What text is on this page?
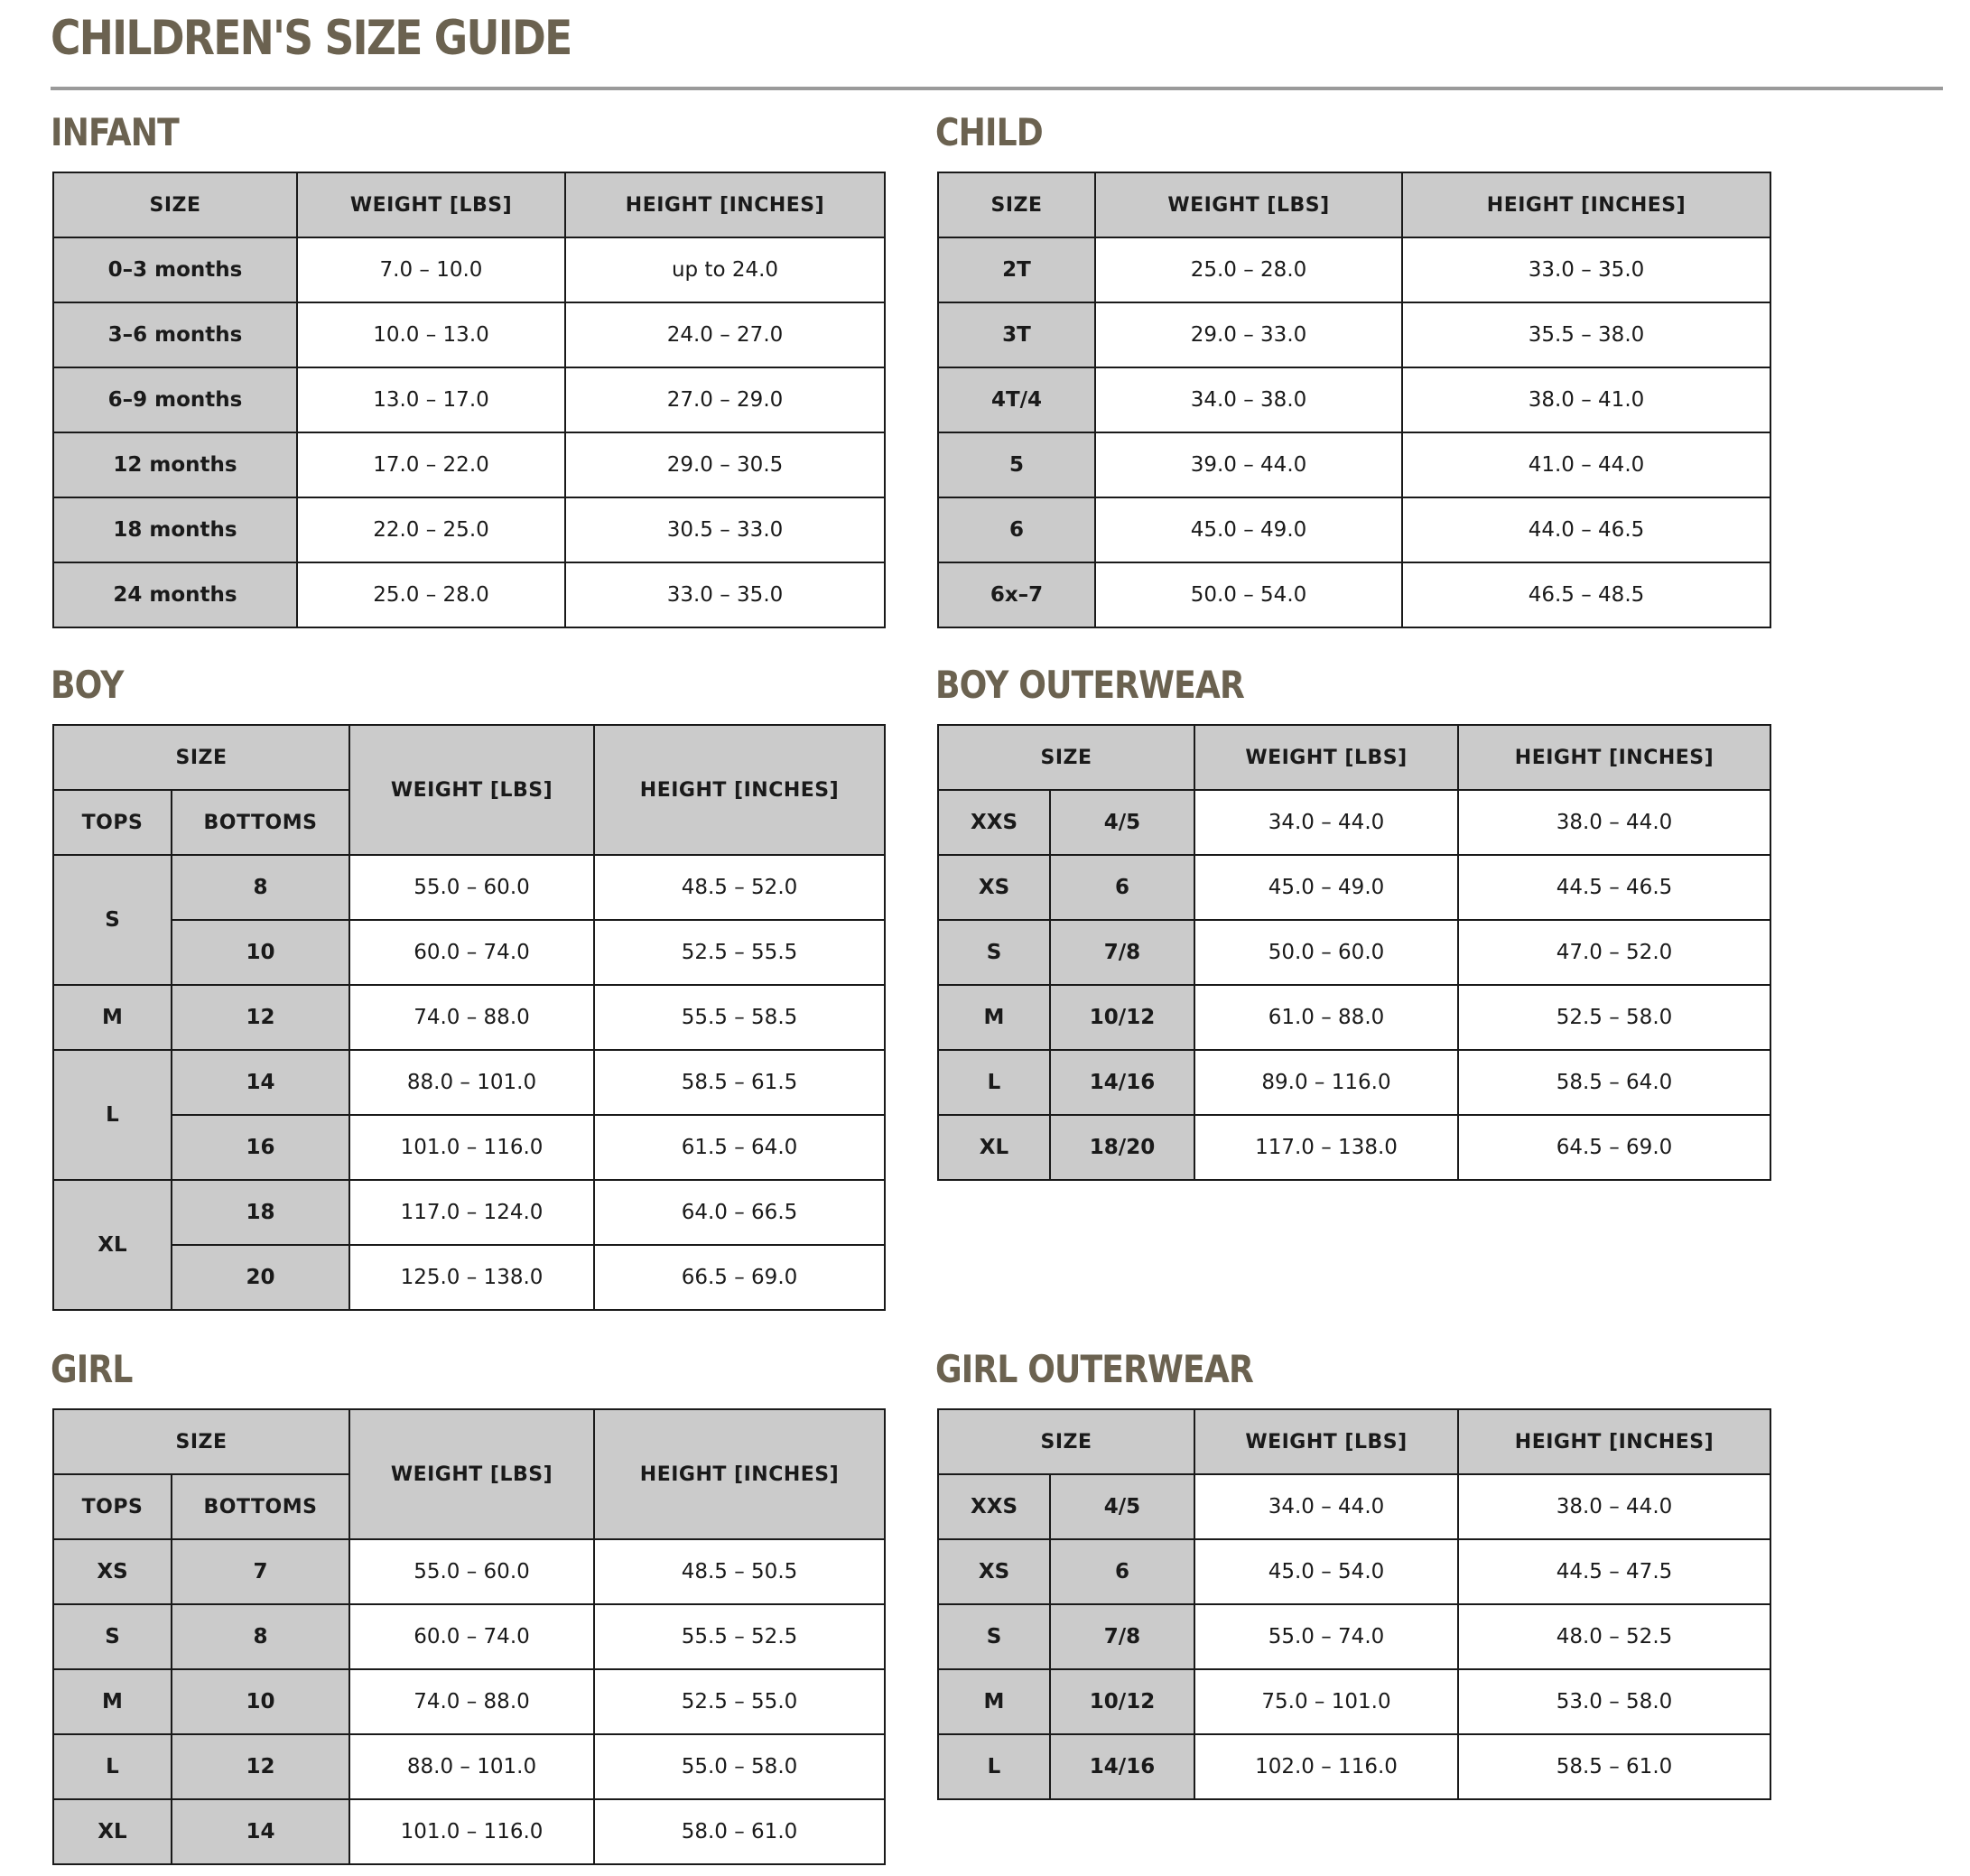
CHILDREN'S SIZE GUIDE
INFANT
SIZE	WEIGHT [LBS]	HEIGHT [INCHES]
0–3 months	7.0 – 10.0	up to 24.0
3–6 months	10.0 – 13.0	24.0 – 27.0
6–9 months	13.0 – 17.0	27.0 – 29.0
12 months	17.0 – 22.0	29.0 – 30.5
18 months	22.0 – 25.0	30.5 – 33.0
24 months	25.0 – 28.0	33.0 – 35.0
CHILD
SIZE	WEIGHT [LBS]	HEIGHT [INCHES]
2T	25.0 – 28.0	33.0 – 35.0
3T	29.0 – 33.0	35.5 – 38.0
4T/4	34.0 – 38.0	38.0 – 41.0
5	39.0 – 44.0	41.0 – 44.0
6	45.0 – 49.0	44.0 – 46.5
6x–7	50.0 – 54.0	46.5 – 48.5
BOY
SIZE		WEIGHT [LBS]	HEIGHT [INCHES]
TOPS	BOTTOMS		
S	8	55.0 – 60.0	48.5 – 52.0
	10	60.0 – 74.0	52.5 – 55.5
M	12	74.0 – 88.0	55.5 – 58.5
L	14	88.0 – 101.0	58.5 – 61.5
	16	101.0 – 116.0	61.5 – 64.0
XL	18	117.0 – 124.0	64.0 – 66.5
	20	125.0 – 138.0	66.5 – 69.0
BOY OUTERWEAR
SIZE		WEIGHT [LBS]	HEIGHT [INCHES]
XXS	4/5	34.0 – 44.0	38.0 – 44.0
XS	6	45.0 – 49.0	44.5 – 46.5
S	7/8	50.0 – 60.0	47.0 – 52.0
M	10/12	61.0 – 88.0	52.5 – 58.0
L	14/16	89.0 – 116.0	58.5 – 64.0
XL	18/20	117.0 – 138.0	64.5 – 69.0
GIRL
SIZE		WEIGHT [LBS]	HEIGHT [INCHES]
TOPS	BOTTOMS		
XS	7	55.0 – 60.0	48.5 – 50.5
S	8	60.0 – 74.0	55.5 – 52.5
M	10	74.0 – 88.0	52.5 – 55.0
L	12	88.0 – 101.0	55.0 – 58.0
XL	14	101.0 – 116.0	58.0 – 61.0
GIRL OUTERWEAR
SIZE		WEIGHT [LBS]	HEIGHT [INCHES]
XXS	4/5	34.0 – 44.0	38.0 – 44.0
XS	6	45.0 – 54.0	44.5 – 47.5
S	7/8	55.0 – 74.0	48.0 – 52.5
M	10/12	75.0 – 101.0	53.0 – 58.0
L	14/16	102.0 – 116.0	58.5 – 61.0
